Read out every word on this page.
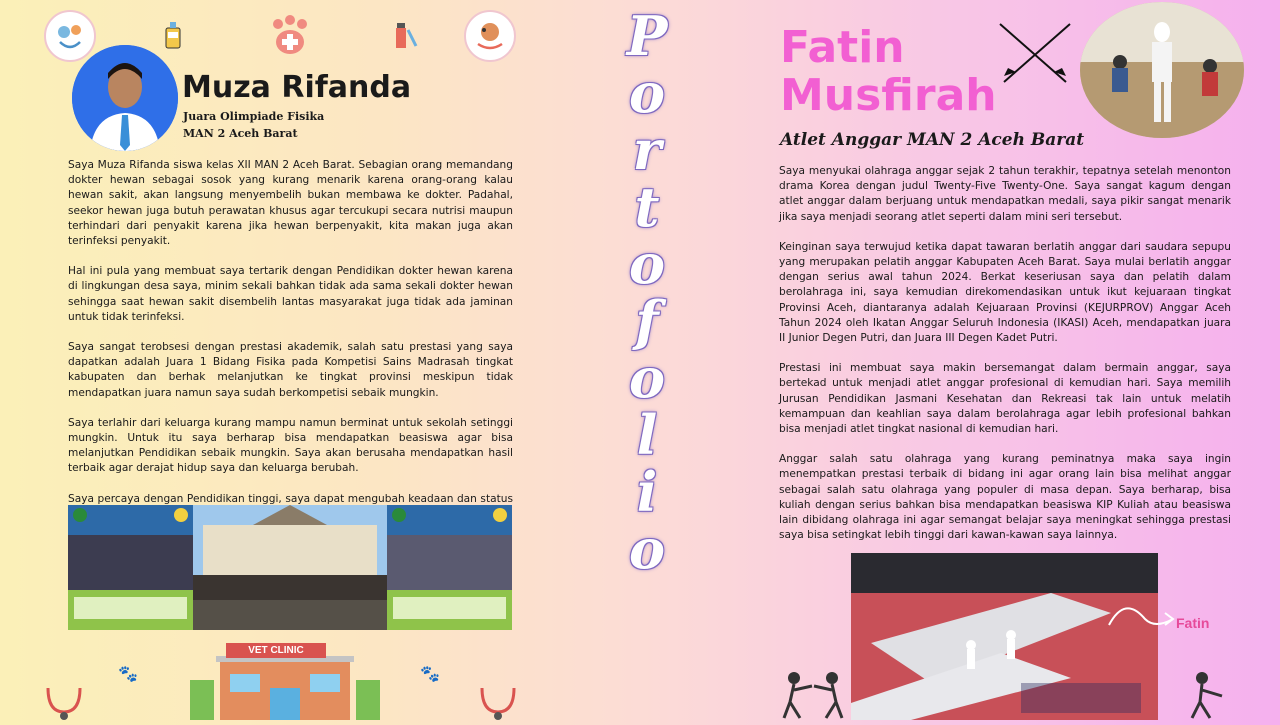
Muza Rifanda
Juara Olimpiade Fisika
MAN 2 Aceh Barat

Saya Muza Rifanda siswa kelas XII MAN 2 Aceh Barat. Sebagian orang memandang dokter hewan sebagai sosok yang kurang menarik karena orang-orang kalau hewan sakit, akan langsung menyembelih bukan membawa ke dokter. Padahal, seekor hewan juga butuh perawatan khusus agar tercukupi secara nutrisi maupun terhindari dari penyakit karena jika hewan berpenyakit, kita makan juga akan terinfeksi penyakit.

Hal ini pula yang membuat saya tertarik dengan Pendidikan dokter hewan karena di lingkungan desa saya, minim sekali bahkan tidak ada sama sekali dokter hewan sehingga saat hewan sakit disembelih lantas masyarakat juga tidak ada jaminan untuk tidak terinfeksi.

Saya sangat terobsesi dengan prestasi akademik, salah satu prestasi yang saya dapatkan adalah Juara 1 Bidang Fisika pada Kompetisi Sains Madrasah tingkat kabupaten dan berhak melanjutkan ke tingkat provinsi meskipun tidak mendapatkan juara namun saya sudah berkompetisi sebaik mungkin.

Saya terlahir dari keluarga kurang mampu namun berminat untuk sekolah setinggi mungkin. Untuk itu saya berharap bisa mendapatkan beasiswa agar bisa melanjutkan Pendidikan sebaik mungkin. Saya akan berusaha mendapatkan hasil terbaik agar derajat hidup saya dan keluarga berubah.

Saya percaya dengan Pendidikan tinggi, saya dapat mengubah keadaan dan status

VET CLINIC
🐾	🐾
P
o
r
t
o
f
o
l
i
o
Fatin
Musfirah
Atlet Anggar MAN 2 Aceh Barat

Saya menyukai olahraga anggar sejak 2 tahun terakhir, tepatnya setelah menonton drama Korea dengan judul Twenty-Five Twenty-One. Saya sangat kagum dengan atlet anggar dalam berjuang untuk mendapatkan medali, saya pikir sangat menarik jika saya menjadi seorang atlet seperti dalam mini seri tersebut.

Keinginan saya terwujud ketika dapat tawaran berlatih anggar dari saudara sepupu yang merupakan pelatih anggar Kabupaten Aceh Barat. Saya mulai berlatih anggar dengan serius awal tahun 2024. Berkat keseriusan saya dan pelatih dalam berolahraga ini, saya kemudian direkomendasikan untuk ikut kejuaraan tingkat Provinsi Aceh, diantaranya adalah Kejuaraan Provinsi (KEJURPROV) Anggar Aceh Tahun 2024 oleh Ikatan Anggar Seluruh Indonesia (IKASI) Aceh, mendapatkan juara II Junior Degen Putri, dan Juara III Degen Kadet Putri.

Prestasi ini membuat saya makin bersemangat dalam bermain anggar, saya bertekad untuk menjadi atlet anggar profesional di kemudian hari. Saya memilih Jurusan Pendidikan Jasmani Kesehatan dan Rekreasi tak lain untuk melatih kemampuan dan keahlian saya dalam berolahraga agar lebih profesional bahkan bisa menjadi atlet tingkat nasional di kemudian hari.

Anggar salah satu olahraga yang kurang peminatnya maka saya ingin menempatkan prestasi terbaik di bidang ini agar orang lain bisa melihat anggar sebagai salah satu olahraga yang populer di masa depan. Saya berharap, bisa kuliah dengan serius bahkan bisa mendapatkan beasiswa KIP Kuliah atau beasiswa lain dibidang olahraga ini agar semangat belajar saya meningkat sehingga prestasi saya bisa setingkat lebih tinggi dari kawan-kawan saya lainnya.

Fatin
